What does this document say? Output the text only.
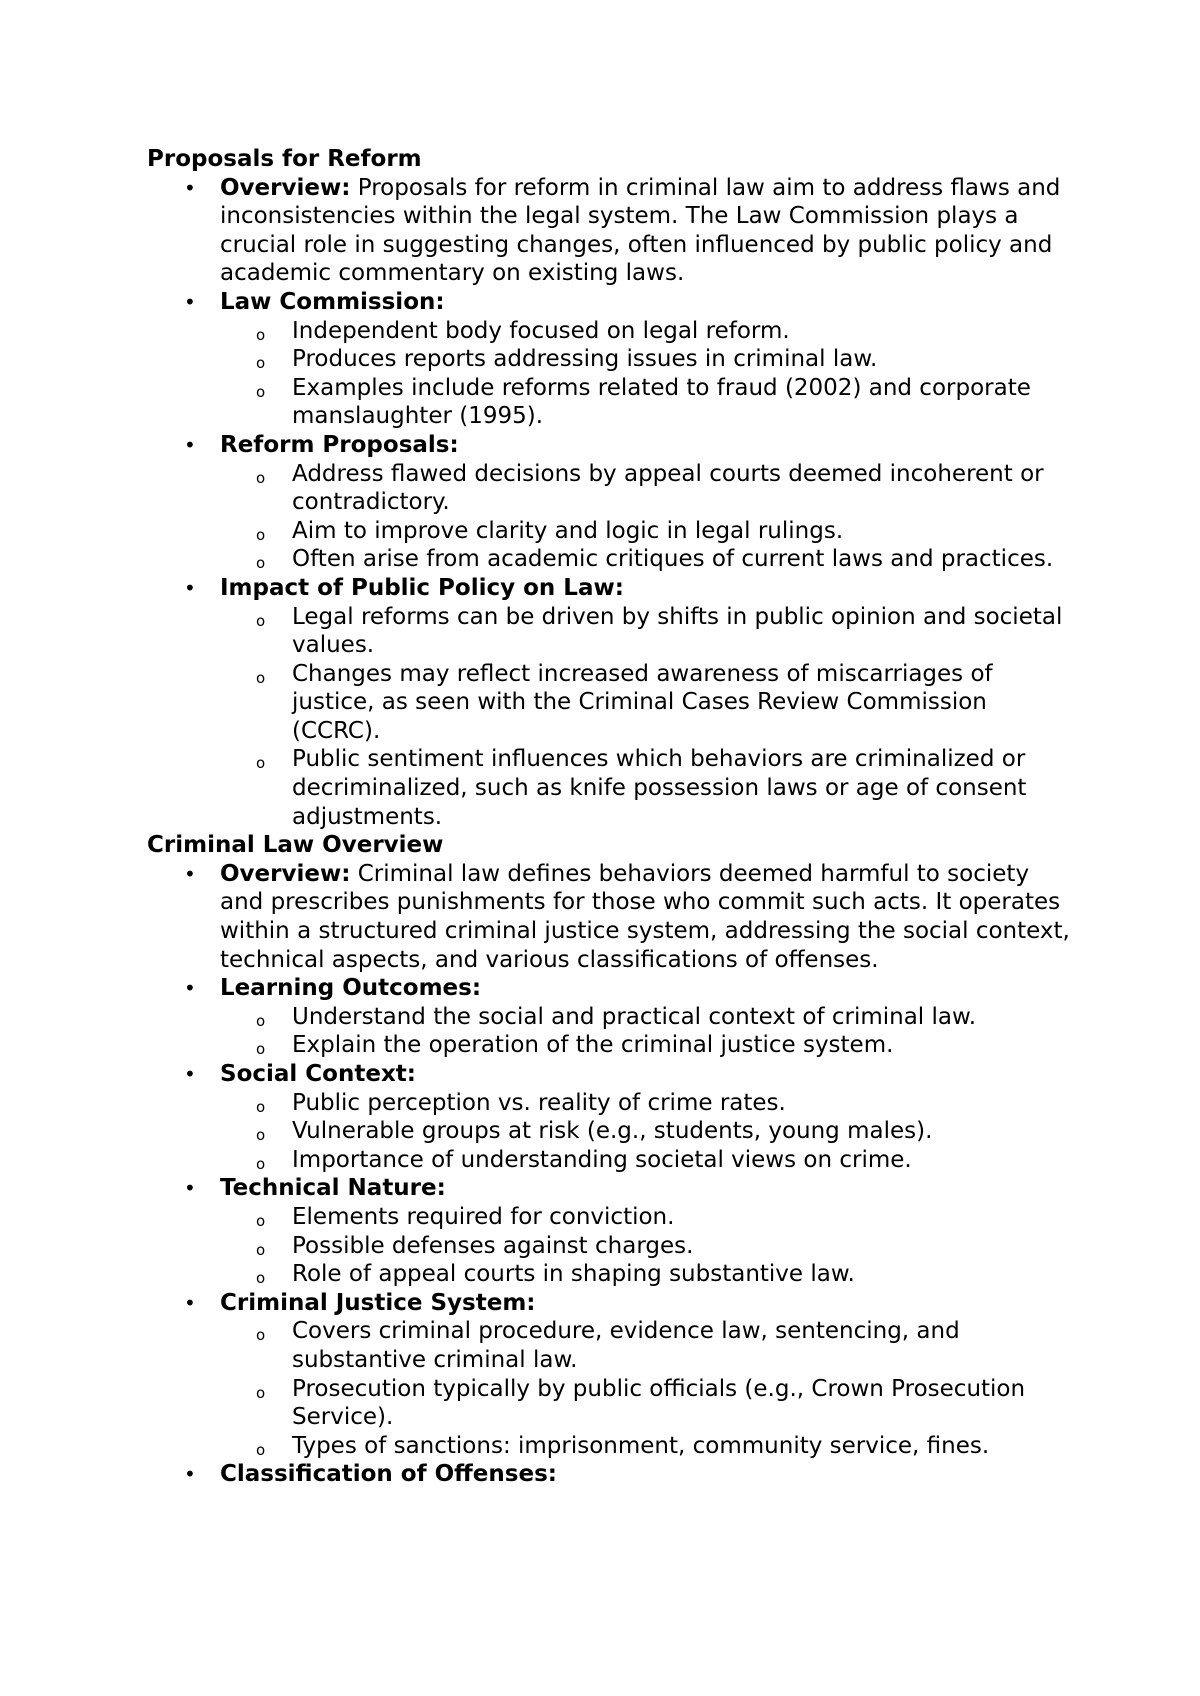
Proposals for Reform

• Overview: Proposals for reform in criminal law aim to address flaws and inconsistencies within the legal system. The Law Commission plays a crucial role in suggesting changes, often influenced by public policy and academic commentary on existing laws.
• Law Commission:
o Independent body focused on legal reform.
o Produces reports addressing issues in criminal law.
o Examples include reforms related to fraud (2002) and corporate manslaughter (1995).
• Reform Proposals:
o Address flawed decisions by appeal courts deemed incoherent or contradictory.
o Aim to improve clarity and logic in legal rulings.
o Often arise from academic critiques of current laws and practices.
• Impact of Public Policy on Law:
o Legal reforms can be driven by shifts in public opinion and societal values.
o Changes may reflect increased awareness of miscarriages of justice, as seen with the Criminal Cases Review Commission (CCRC).
o Public sentiment influences which behaviors are criminalized or decriminalized, such as knife possession laws or age of consent adjustments.

Criminal Law Overview

• Overview: Criminal law defines behaviors deemed harmful to society and prescribes punishments for those who commit such acts. It operates within a structured criminal justice system, addressing the social context, technical aspects, and various classifications of offenses.
• Learning Outcomes:
o Understand the social and practical context of criminal law.
o Explain the operation of the criminal justice system.
• Social Context:
o Public perception vs. reality of crime rates.
o Vulnerable groups at risk (e.g., students, young males).
o Importance of understanding societal views on crime.
• Technical Nature:
o Elements required for conviction.
o Possible defenses against charges.
o Role of appeal courts in shaping substantive law.
• Criminal Justice System:
o Covers criminal procedure, evidence law, sentencing, and substantive criminal law.
o Prosecution typically by public officials (e.g., Crown Prosecution Service).
o Types of sanctions: imprisonment, community service, fines.
• Classification of Offenses:
